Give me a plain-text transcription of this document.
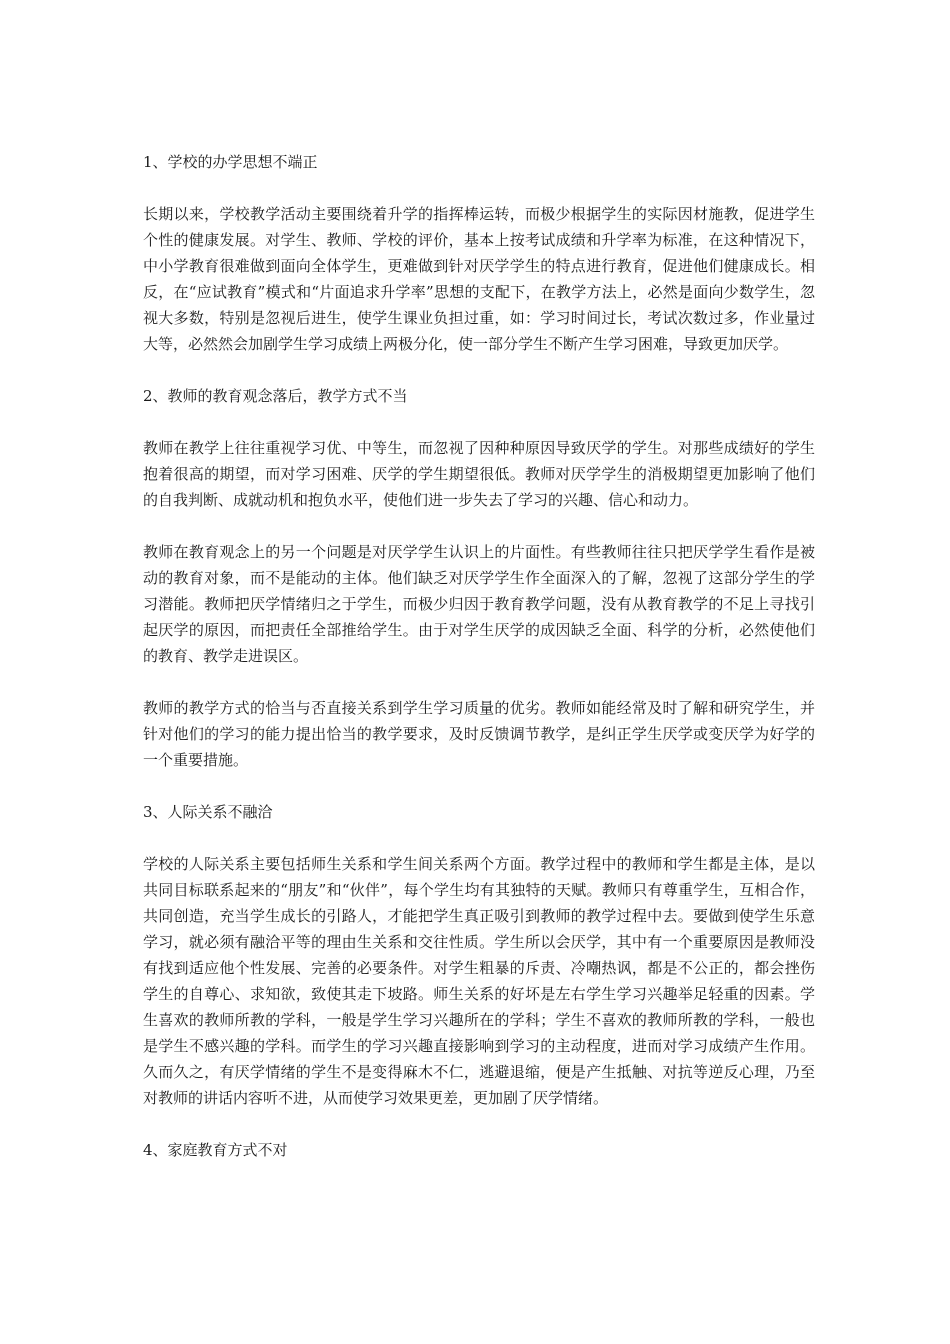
1、学校的办学思想不端正
长期以来，学校教学活动主要围绕着升学的指挥棒运转，而极少根据学生的实际因材施教，促进学生个性的健康发展。对学生、教师、学校的评价，基本上按考试成绩和升学率为标准，在这种情况下，中小学教育很难做到面向全体学生，更难做到针对厌学学生的特点进行教育，促进他们健康成长。相反，在“应试教育”模式和“片面追求升学率”思想的支配下，在教学方法上，必然是面向少数学生，忽视大多数，特别是忽视后进生，使学生课业负担过重，如：学习时间过长，考试次数过多，作业量过大等，必然然会加剧学生学习成绩上两极分化，使一部分学生不断产生学习困难，导致更加厌学。
2、教师的教育观念落后，教学方式不当
教师在教学上往往重视学习优、中等生，而忽视了因种种原因导致厌学的学生。对那些成绩好的学生抱着很高的期望，而对学习困难、厌学的学生期望很低。教师对厌学学生的消极期望更加影响了他们的自我判断、成就动机和抱负水平，使他们进一步失去了学习的兴趣、信心和动力。
教师在教育观念上的另一个问题是对厌学学生认识上的片面性。有些教师往往只把厌学学生看作是被动的教育对象，而不是能动的主体。他们缺乏对厌学学生作全面深入的了解，忽视了这部分学生的学习潜能。教师把厌学情绪归之于学生，而极少归因于教育教学问题，没有从教育教学的不足上寻找引起厌学的原因，而把责任全部推给学生。由于对学生厌学的成因缺乏全面、科学的分析，必然使他们的教育、教学走进误区。
教师的教学方式的恰当与否直接关系到学生学习质量的优劣。教师如能经常及时了解和研究学生，并针对他们的学习的能力提出恰当的教学要求，及时反馈调节教学，是纠正学生厌学或变厌学为好学的一个重要措施。
3、人际关系不融洽
学校的人际关系主要包括师生关系和学生间关系两个方面。教学过程中的教师和学生都是主体，是以共同目标联系起来的“朋友”和“伙伴”，每个学生均有其独特的天赋。教师只有尊重学生，互相合作，共同创造，充当学生成长的引路人，才能把学生真正吸引到教师的教学过程中去。要做到使学生乐意学习，就必须有融洽平等的理由生关系和交往性质。学生所以会厌学，其中有一个重要原因是教师没有找到适应他个性发展、完善的必要条件。对学生粗暴的斥责、冷嘲热讽，都是不公正的，都会挫伤学生的自尊心、求知欲，致使其走下坡路。师生关系的好坏是左右学生学习兴趣举足轻重的因素。学生喜欢的教师所教的学科，一般是学生学习兴趣所在的学科；学生不喜欢的教师所教的学科，一般也是学生不感兴趣的学科。而学生的学习兴趣直接影响到学习的主动程度，进而对学习成绩产生作用。久而久之，有厌学情绪的学生不是变得麻木不仁，逃避退缩，便是产生抵触、对抗等逆反心理，乃至对教师的讲话内容听不进，从而使学习效果更差，更加剧了厌学情绪。
4、家庭教育方式不对
